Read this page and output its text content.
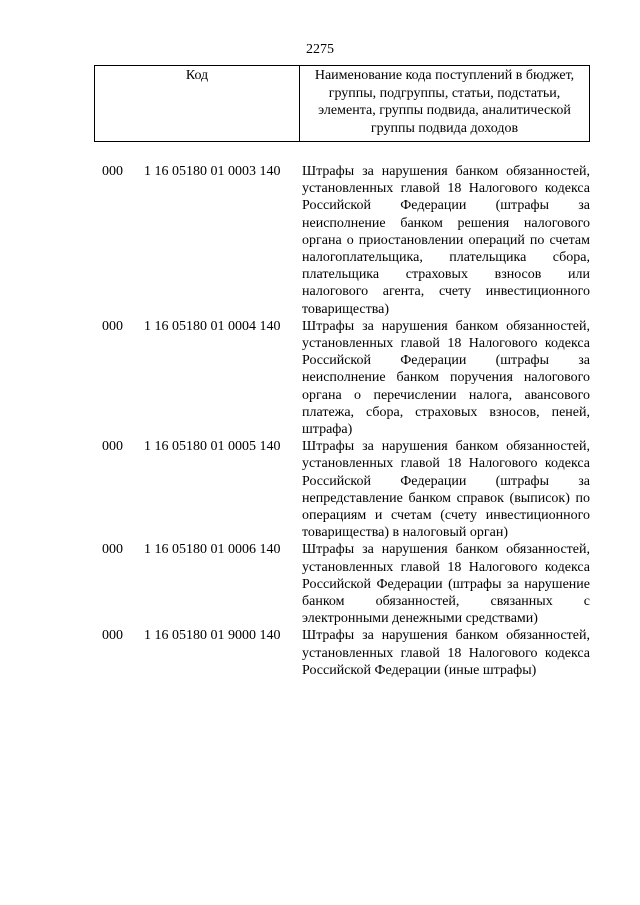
2275
Код	Наименование кода поступлений в бюджет, группы, подгруппы, статьи, подстатьи, элемента, группы подвида, аналитической группы подвида доходов
000	1 16 05180 01 0003 140	Штрафы за нарушения банком обязанностей, установленных главой 18 Налогового кодекса Российской Федерации (штрафы за неисполнение банком решения налогового органа о приостановлении операций по счетам налогоплательщика, плательщика сбора, плательщика страховых взносов или налогового агента, счету инвестиционного товарищества)
000	1 16 05180 01 0004 140	Штрафы за нарушения банком обязанностей, установленных главой 18 Налогового кодекса Российской Федерации (штрафы за неисполнение банком поручения налогового органа о перечислении налога, авансового платежа, сбора, страховых взносов, пеней, штрафа)
000	1 16 05180 01 0005 140	Штрафы за нарушения банком обязанностей, установленных главой 18 Налогового кодекса Российской Федерации (штрафы за непредставление банком справок (выписок) по операциям и счетам (счету инвестиционного товарищества) в налоговый орган)
000	1 16 05180 01 0006 140	Штрафы за нарушения банком обязанностей, установленных главой 18 Налогового кодекса Российской Федерации (штрафы за нарушение банком обязанностей, связанных с электронными денежными средствами)
000	1 16 05180 01 9000 140	Штрафы за нарушения банком обязанностей, установленных главой 18 Налогового кодекса Российской Федерации (иные штрафы)
